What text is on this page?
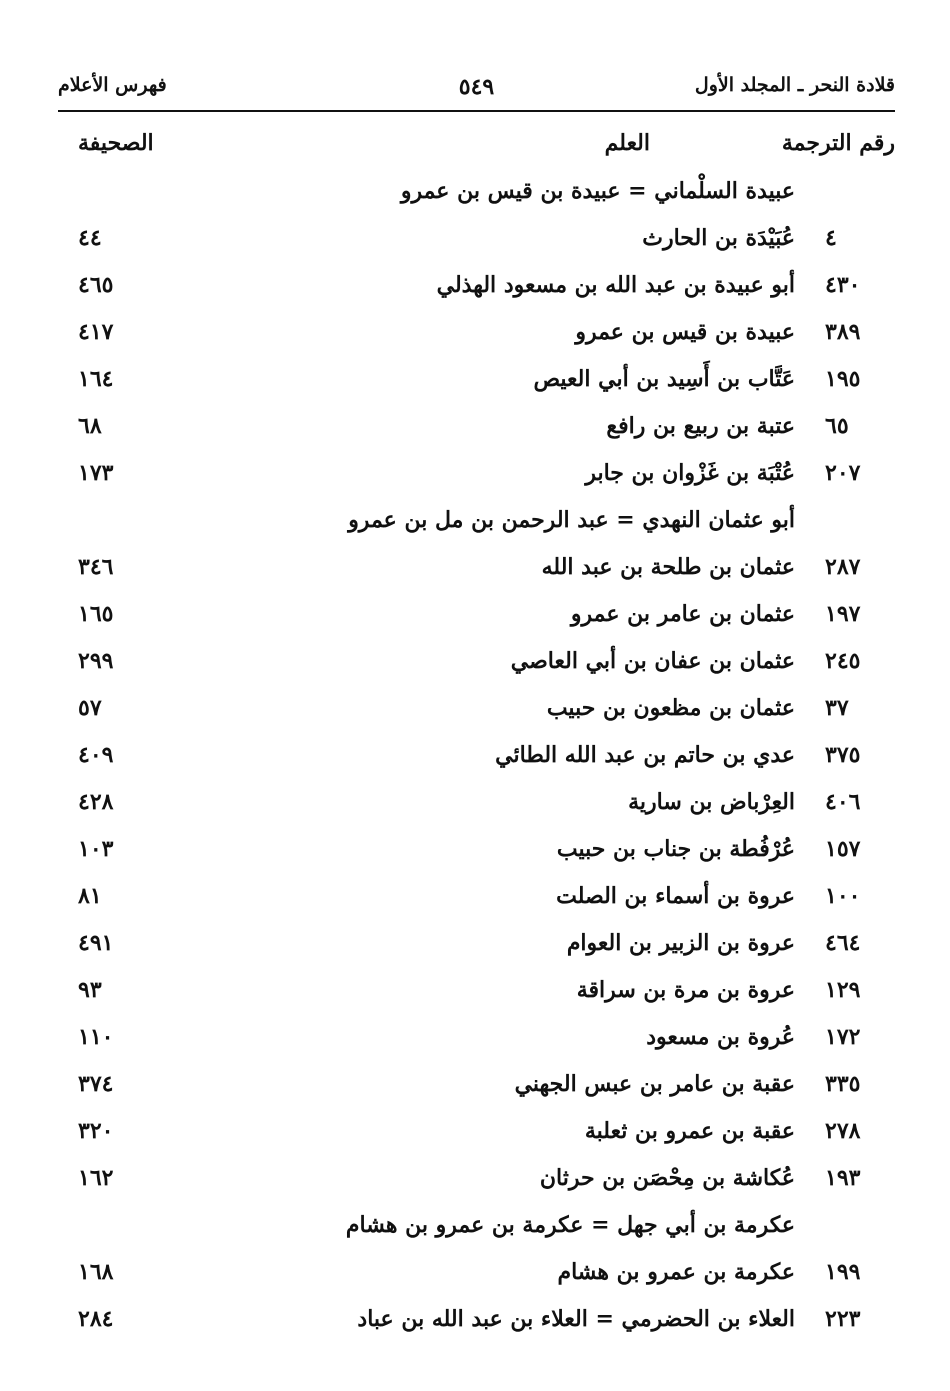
قلادة النحر ـ المجلد الأول
٥٤٩
فهرس الأعلام
رقم الترجمة
العلم
الصحيفة
عبيدة السلْماني = عبيدة بن قيس بن عمرو
٤
عُبَيْدَة بن الحارث
٤٤
٤٣٠
أبو عبيدة بن عبد الله بن مسعود الهذلي
٤٦٥
٣٨٩
عبيدة بن قيس بن عمرو
٤١٧
١٩٥
عَتَّاب بن أَسِيد بن أبي العيص
١٦٤
٦٥
عتبة بن ربيع بن رافع
٦٨
٢٠٧
عُتْبَة بن غَزْوان بن جابر
١٧٣
أبو عثمان النهدي = عبد الرحمن بن مل بن عمرو
٢٨٧
عثمان بن طلحة بن عبد الله
٣٤٦
١٩٧
عثمان بن عامر بن عمرو
١٦٥
٢٤٥
عثمان بن عفان بن أبي العاصي
٢٩٩
٣٧
عثمان بن مظعون بن حبيب
٥٧
٣٧٥
عدي بن حاتم بن عبد الله الطائي
٤٠٩
٤٠٦
العِرْباض بن سارية
٤٢٨
١٥٧
عُرْفُطة بن جناب بن حبيب
١٠٣
١٠٠
عروة بن أسماء بن الصلت
٨١
٤٦٤
عروة بن الزبير بن العوام
٤٩١
١٢٩
عروة بن مرة بن سراقة
٩٣
١٧٢
عُروة بن مسعود
١١٠
٣٣٥
عقبة بن عامر بن عبس الجهني
٣٧٤
٢٧٨
عقبة بن عمرو بن ثعلبة
٣٢٠
١٩٣
عُكاشة بن مِحْصَن بن حرثان
١٦٢
عكرمة بن أبي جهل = عكرمة بن عمرو بن هشام
١٩٩
عكرمة بن عمرو بن هشام
١٦٨
٢٢٣
العلاء بن الحضرمي = العلاء بن عبد الله بن عباد
٢٨٤
